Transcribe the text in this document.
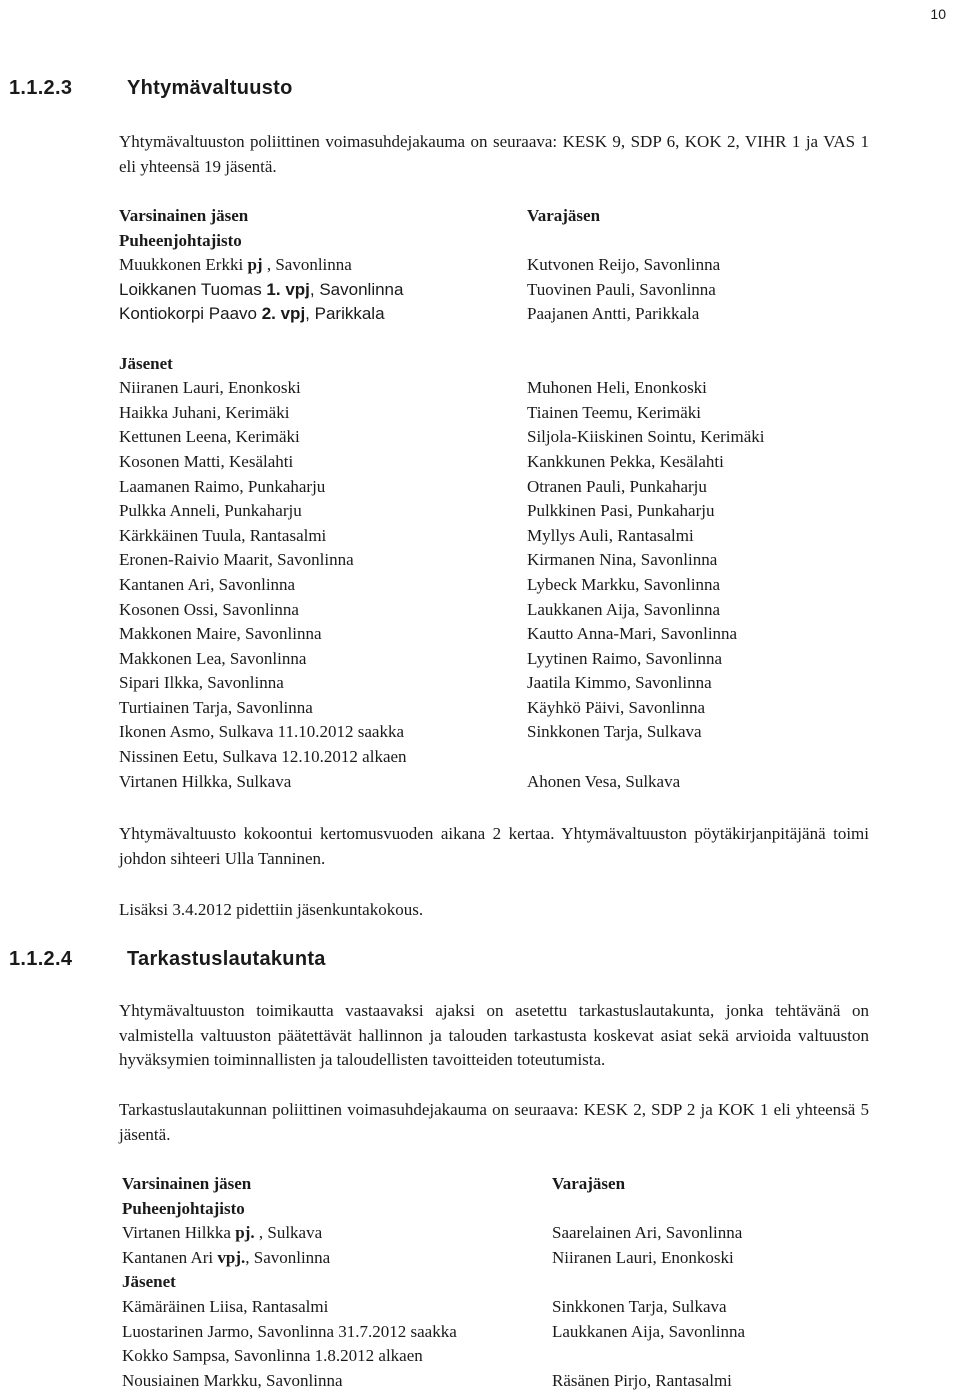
10
1.1.2.3	Yhtymävaltuusto

Yhtymävaltuuston poliittinen voimasuhdejakauma on seuraava: KESK 9, SDP 6, KOK 2, VIHR 1 ja VAS 1 eli yhteensä 19 jäsentä.

Varsinainen jäsen
Puheenjohtajisto
Muukkonen Erkki pj , Savonlinna
Loikkanen Tuomas 1. vpj, Savonlinna
Kontiokorpi Paavo 2. vpj, Parikkala
Jäsenet
Niiranen Lauri, Enonkoski
Haikka Juhani, Kerimäki
Kettunen Leena, Kerimäki
Kosonen Matti, Kesälahti
Laamanen Raimo, Punkaharju
Pulkka Anneli, Punkaharju
Kärkkäinen Tuula, Rantasalmi
Eronen-Raivio Maarit, Savonlinna
Kantanen Ari, Savonlinna
Kosonen Ossi, Savonlinna
Makkonen Maire, Savonlinna
Makkonen Lea, Savonlinna
Sipari Ilkka, Savonlinna
Turtiainen Tarja, Savonlinna
Ikonen Asmo, Sulkava 11.10.2012 saakka
Nissinen Eetu, Sulkava 12.10.2012 alkaen
Virtanen Hilkka, Sulkava
Varajäsen
Kutvonen Reijo, Savonlinna
Tuovinen Pauli, Savonlinna
Paajanen Antti, Parikkala
Muhonen Heli, Enonkoski
Tiainen Teemu, Kerimäki
Siljola-Kiiskinen Sointu, Kerimäki
Kankkunen Pekka, Kesälahti
Otranen Pauli, Punkaharju
Pulkkinen Pasi, Punkaharju
Myllys Auli, Rantasalmi
Kirmanen Nina, Savonlinna
Lybeck Markku, Savonlinna
Laukkanen Aija, Savonlinna
Kautto Anna-Mari, Savonlinna
Lyytinen Raimo, Savonlinna
Jaatila Kimmo, Savonlinna
Käyhkö Päivi, Savonlinna
Sinkkonen Tarja, Sulkava
Ahonen Vesa, Sulkava

Yhtymävaltuusto kokoontui kertomusvuoden aikana 2 kertaa. Yhtymävaltuuston pöytäkirjanpitäjänä toimi johdon sihteeri Ulla Tanninen.

Lisäksi 3.4.2012 pidettiin jäsenkuntakokous.

1.1.2.4	Tarkastuslautakunta

Yhtymävaltuuston toimikautta vastaavaksi ajaksi on asetettu tarkastuslautakunta, jonka tehtävänä on valmistella valtuuston päätettävät hallinnon ja talouden tarkastusta koskevat asiat sekä arvioida valtuuston hyväksymien toiminnallisten ja taloudellisten tavoitteiden toteutumista.

Tarkastuslautakunnan poliittinen voimasuhdejakauma on seuraava: KESK 2, SDP 2 ja KOK 1 eli yhteensä 5 jäsentä.

Varsinainen jäsen
Puheenjohtajisto
Virtanen Hilkka pj. , Sulkava
Kantanen Ari vpj., Savonlinna
Jäsenet
Kämäräinen Liisa, Rantasalmi
Luostarinen Jarmo, Savonlinna 31.7.2012 saakka
Kokko Sampsa, Savonlinna 1.8.2012 alkaen
Nousiainen Markku, Savonlinna
Varajäsen
Saarelainen Ari, Savonlinna
Niiranen Lauri, Enonkoski
Sinkkonen Tarja, Sulkava
Laukkanen Aija, Savonlinna
Räsänen Pirjo, Rantasalmi
